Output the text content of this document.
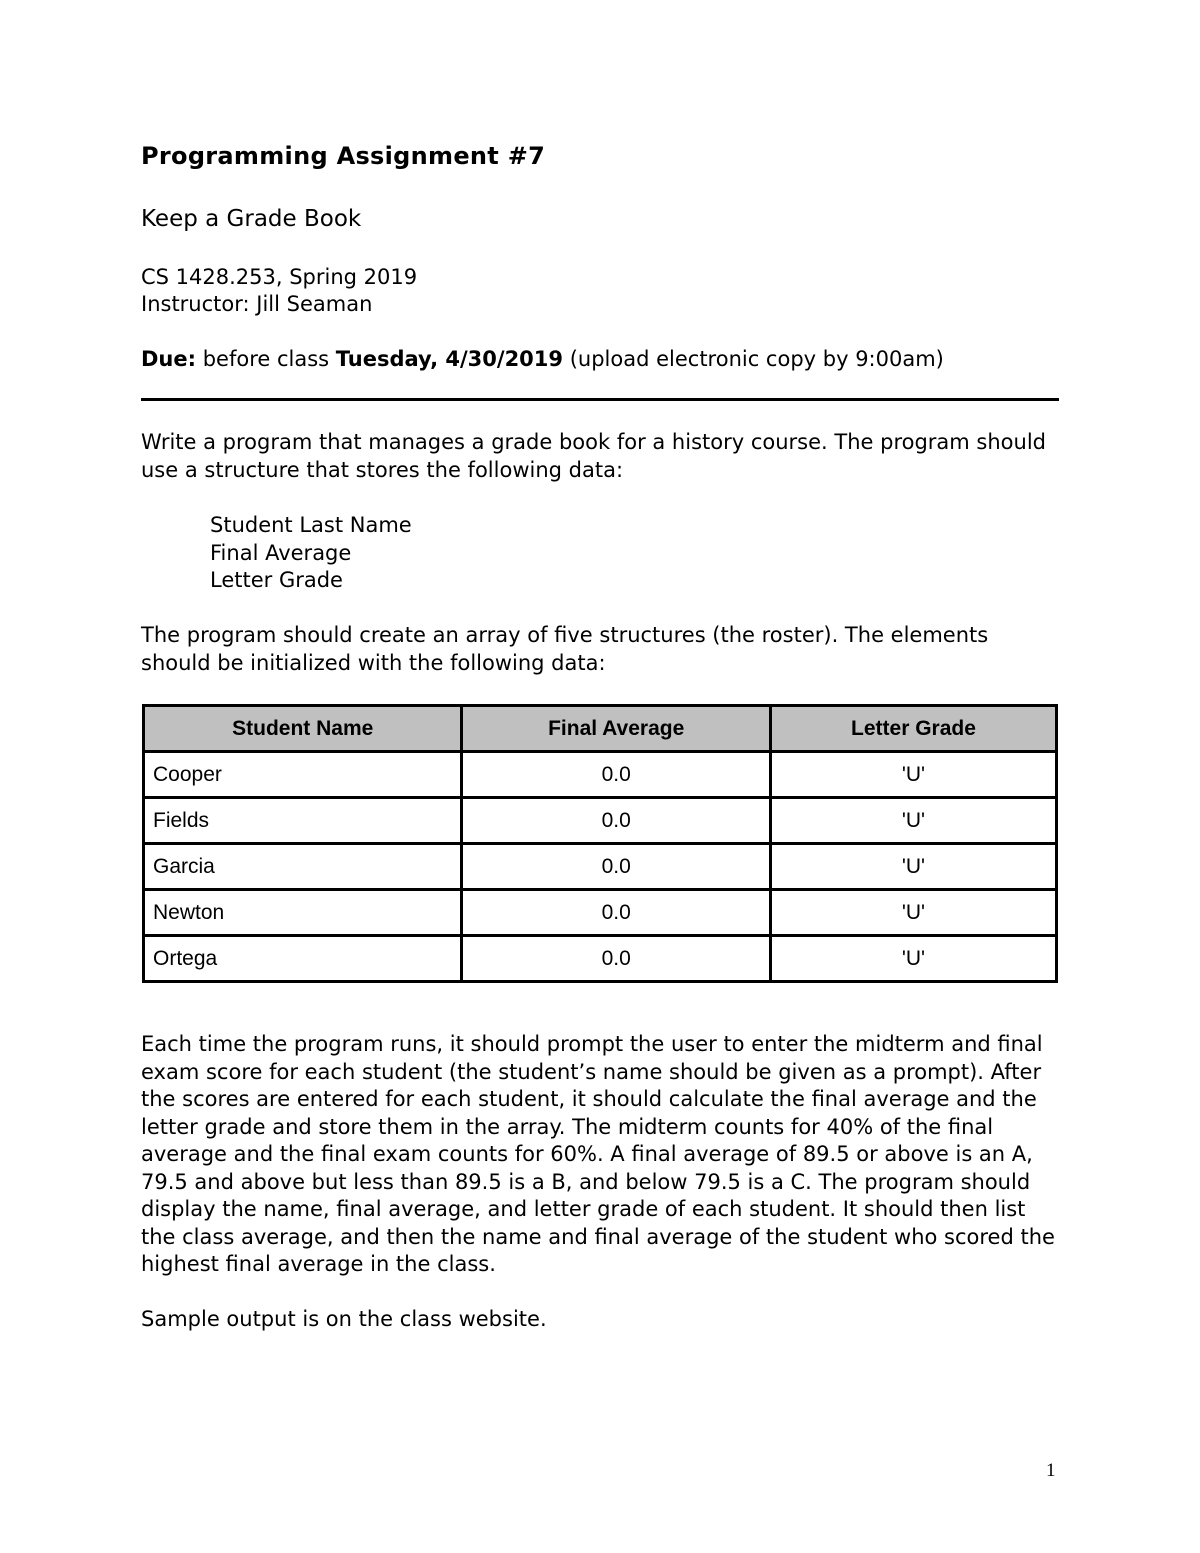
Programming Assignment #7
Keep a Grade Book
CS 1428.253, Spring 2019
Instructor: Jill Seaman
Due: before class Tuesday, 4/30/2019 (upload electronic copy by 9:00am)
Write a program that manages a grade book for a history course. The program should
use a structure that stores the following data:
Student Last Name
Final Average
Letter Grade
The program should create an array of five structures (the roster). The elements
should be initialized with the following data:
Student Name	Final Average	Letter Grade
Cooper	0.0	'U'
Fields	0.0	'U'
Garcia	0.0	'U'
Newton	0.0	'U'
Ortega	0.0	'U'
Each time the program runs, it should prompt the user to enter the midterm and final
exam score for each student (the student’s name should be given as a prompt). After
the scores are entered for each student, it should calculate the final average and the
letter grade and store them in the array. The midterm counts for 40% of the final
average and the final exam counts for 60%. A final average of 89.5 or above is an A,
79.5 and above but less than 89.5 is a B, and below 79.5 is a C. The program should
display the name, final average, and letter grade of each student. It should then list
the class average, and then the name and final average of the student who scored the
highest final average in the class.
Sample output is on the class website.
1
